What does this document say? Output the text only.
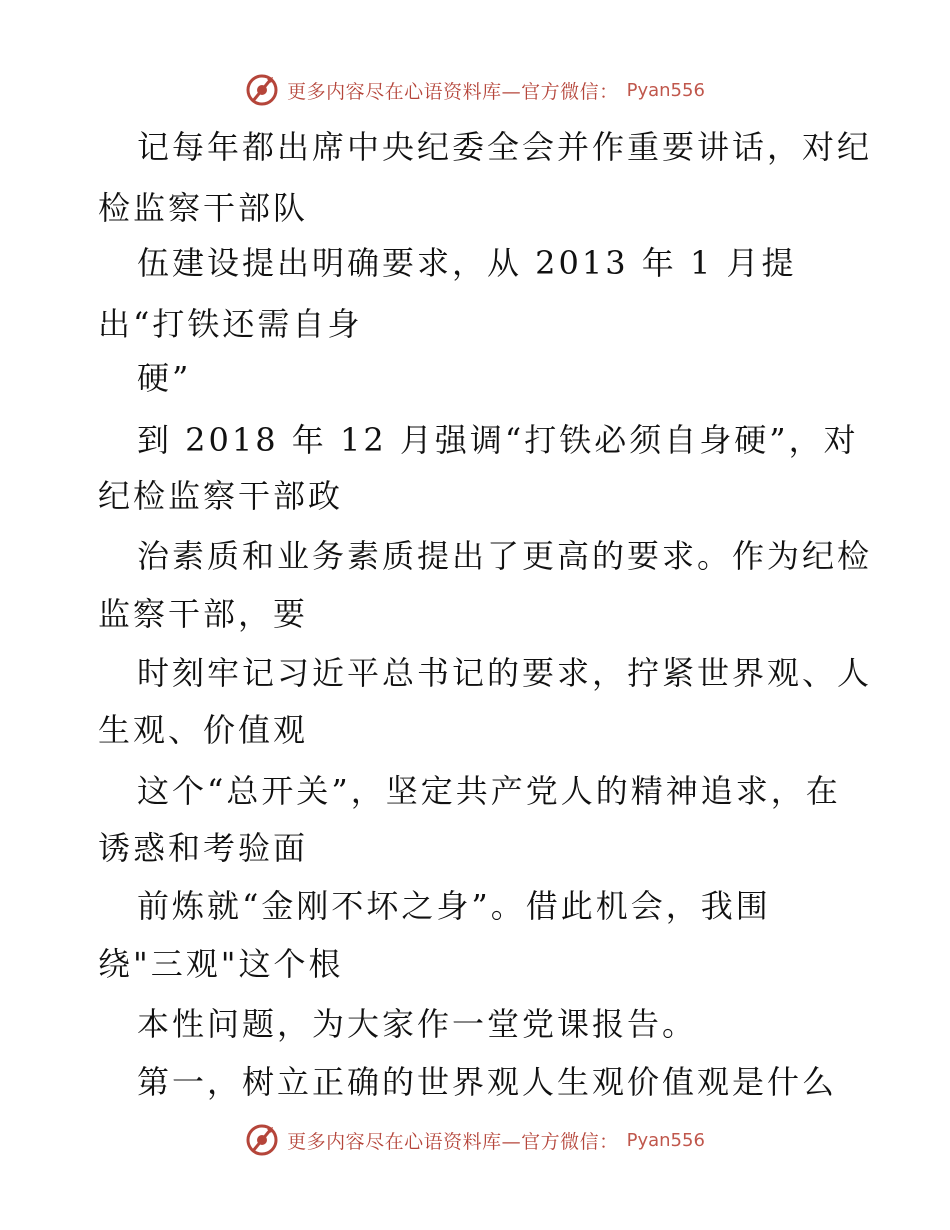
更多内容尽在心语资料库—官方微信： Pyan556
记每年都出席中央纪委全会并作重要讲话，对纪
检监察干部队
伍建设提出明确要求，从 2013 年 1 月提
出“打铁还需自身
硬”
到 2018 年 12 月强调“打铁必须自身硬”，对
纪检监察干部政
治素质和业务素质提出了更高的要求。作为纪检
监察干部，要
时刻牢记习近平总书记的要求，拧紧世界观、人
生观、价值观
这个“总开关”，坚定共产党人的精神追求，在
诱惑和考验面
前炼就“金刚不坏之身”。借此机会，我围
绕"三观"这个根
本性问题，为大家作一堂党课报告。
第一，树立正确的世界观人生观价值观是什么
更多内容尽在心语资料库—官方微信： Pyan556
